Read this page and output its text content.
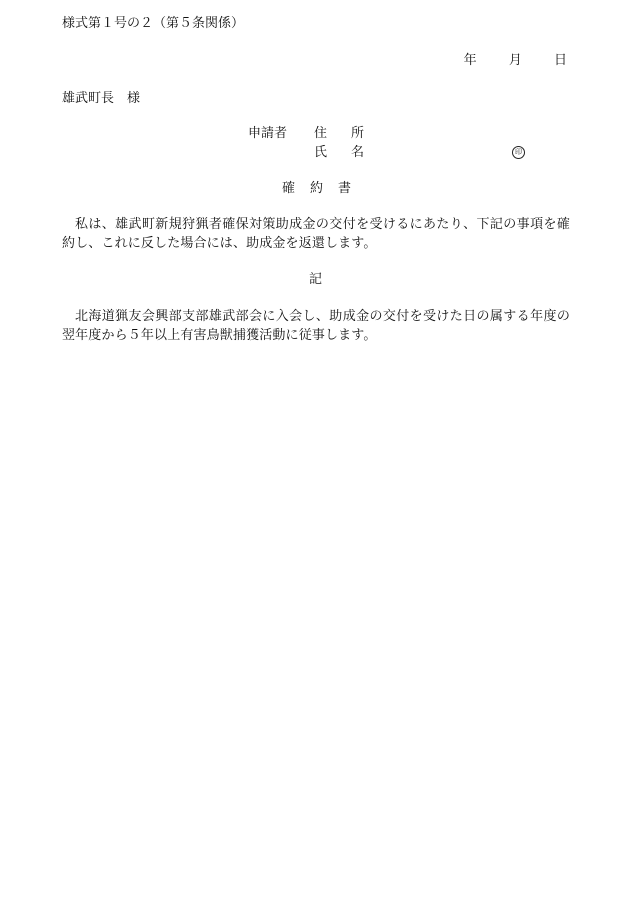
様式第１号の２（第５条関係）
年 月 日
雄武町長　様
申請者 住所
氏名	印
確約書
私は、雄武町新規狩猟者確保対策助成金の交付を受けるにあたり、下記の事項を確約し、これに反した場合には、助成金を返還します。
記
北海道猟友会興部支部雄武部会に入会し、助成金の交付を受けた日の属する年度の翌年度から５年以上有害鳥獣捕獲活動に従事します。
